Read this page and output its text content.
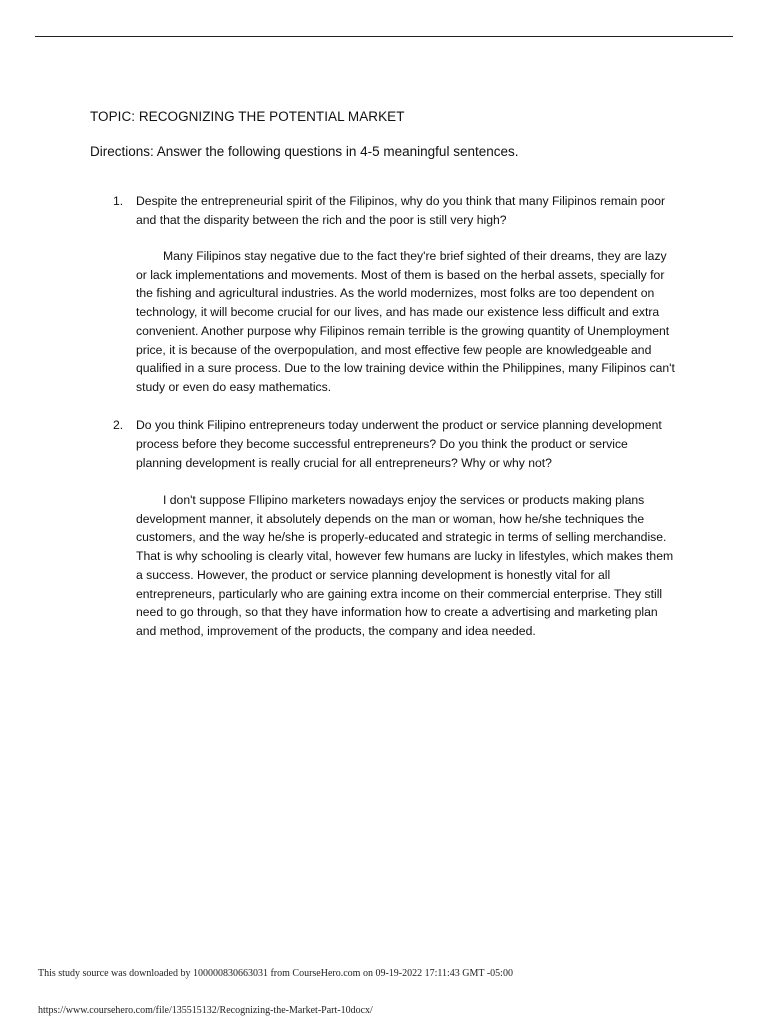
TOPIC: RECOGNIZING THE POTENTIAL MARKET

Directions: Answer the following questions in 4-5 meaningful sentences.

1. Despite the entrepreneurial spirit of the Filipinos, why do you think that many Filipinos remain poor and that the disparity between the rich and the poor is still very high?

Many Filipinos stay negative due to the fact they're brief sighted of their dreams, they are lazy or lack implementations and movements. Most of them is based on the herbal assets, specially for the fishing and agricultural industries. As the world modernizes, most folks are too dependent on technology, it will become crucial for our lives, and has made our existence less difficult and extra convenient. Another purpose why Filipinos remain terrible is the growing quantity of Unemployment price, it is because of the overpopulation, and most effective few people are knowledgeable and qualified in a sure process. Due to the low training device within the Philippines, many Filipinos can't study or even do easy mathematics.

2. Do you think Filipino entrepreneurs today underwent the product or service planning development process before they become successful entrepreneurs? Do you think the product or service planning development is really crucial for all entrepreneurs? Why or why not?

I don't suppose FIlipino marketers nowadays enjoy the services or products making plans development manner, it absolutely depends on the man or woman, how he/she techniques the customers, and the way he/she is properly-educated and strategic in terms of selling merchandise. That is why schooling is clearly vital, however few humans are lucky in lifestyles, which makes them a success. However, the product or service planning development is honestly vital for all entrepreneurs, particularly who are gaining extra income on their commercial enterprise. They still need to go through, so that they have information how to create a advertising and marketing plan and method, improvement of the products, the company and idea needed.

This study source was downloaded by 100000830663031 from CourseHero.com on 09-19-2022 17:11:43 GMT -05:00
https://www.coursehero.com/file/135515132/Recognizing-the-Market-Part-10docx/
